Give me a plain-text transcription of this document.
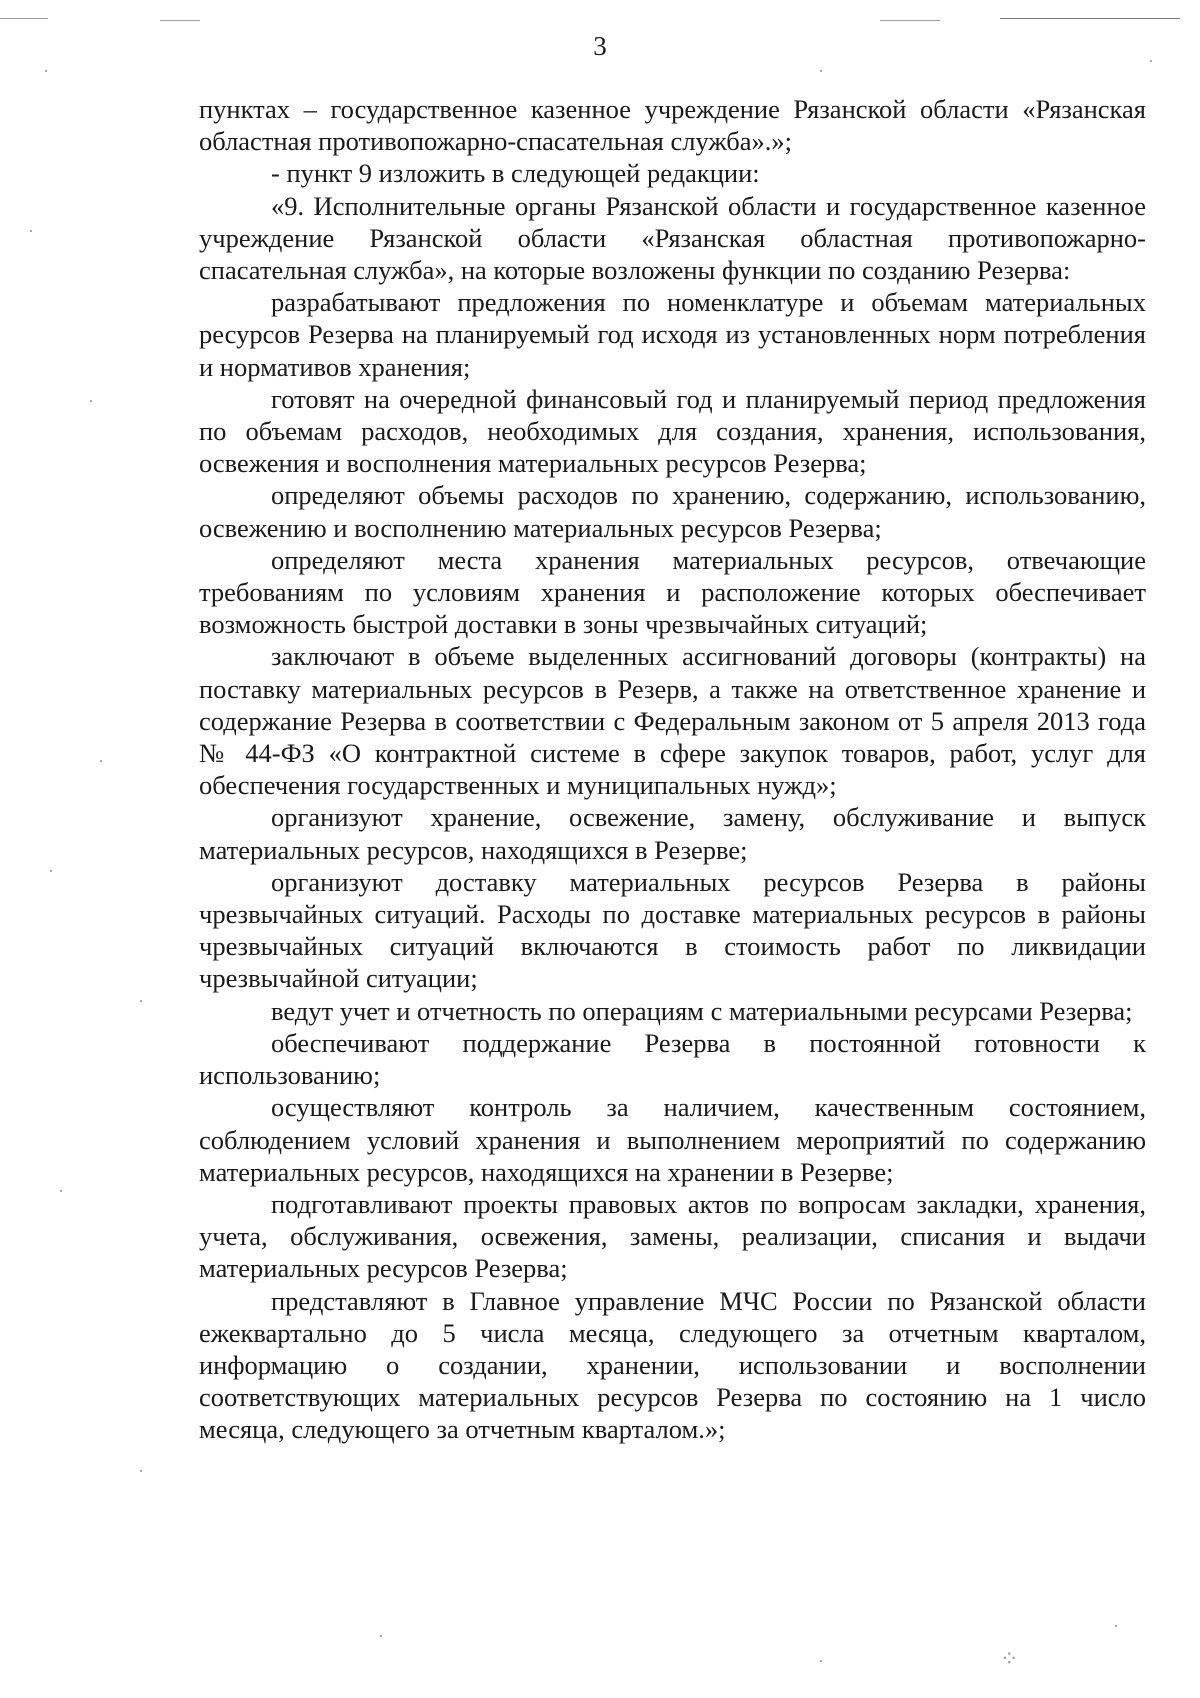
⁘
3

пунктах – государственное казенное учреждение Рязанской области «Рязанская областная противопожарно-спасательная служба».»;

- пункт 9 изложить в следующей редакции:

«9. Исполнительные органы Рязанской области и государственное казенное учреждение Рязанской области «Рязанская областная противопожарно-спасательная служба», на которые возложены функции по созданию Резерва:

разрабатывают предложения по номенклатуре и объемам материальных ресурсов Резерва на планируемый год исходя из установленных норм потребления и нормативов хранения;

готовят на очередной финансовый год и планируемый период предложения по объемам расходов, необходимых для создания, хранения, использования, освежения и восполнения материальных ресурсов Резерва;

определяют объемы расходов по хранению, содержанию, использованию, освежению и восполнению материальных ресурсов Резерва;

определяют места хранения материальных ресурсов, отвечающие требованиям по условиям хранения и расположение которых обеспечивает возможность быстрой доставки в зоны чрезвычайных ситуаций;

заключают в объеме выделенных ассигнований договоры (контракты) на поставку материальных ресурсов в Резерв, а также на ответственное хранение и содержание Резерва в соответствии с Федеральным законом от 5 апреля 2013 года № 44-ФЗ «О контрактной системе в сфере закупок товаров, работ, услуг для обеспечения государственных и муниципальных нужд»;

организуют хранение, освежение, замену, обслуживание и выпуск материальных ресурсов, находящихся в Резерве;

организуют доставку материальных ресурсов Резерва в районы чрезвычайных ситуаций. Расходы по доставке материальных ресурсов в районы чрезвычайных ситуаций включаются в стоимость работ по ликвидации чрезвычайной ситуации;

ведут учет и отчетность по операциям с материальными ресурсами Резерва;

обеспечивают поддержание Резерва в постоянной готовности к использованию;

осуществляют контроль за наличием, качественным состоянием, соблюдением условий хранения и выполнением мероприятий по содержанию материальных ресурсов, находящихся на хранении в Резерве;

подготавливают проекты правовых актов по вопросам закладки, хранения, учета, обслуживания, освежения, замены, реализации, списания и выдачи материальных ресурсов Резерва;

представляют в Главное управление МЧС России по Рязанской области ежеквартально до 5 числа месяца, следующего за отчетным кварталом, информацию о создании, хранении, использовании и восполнении соответствующих материальных ресурсов Резерва по состоянию на 1 число месяца, следующего за отчетным кварталом.»;
